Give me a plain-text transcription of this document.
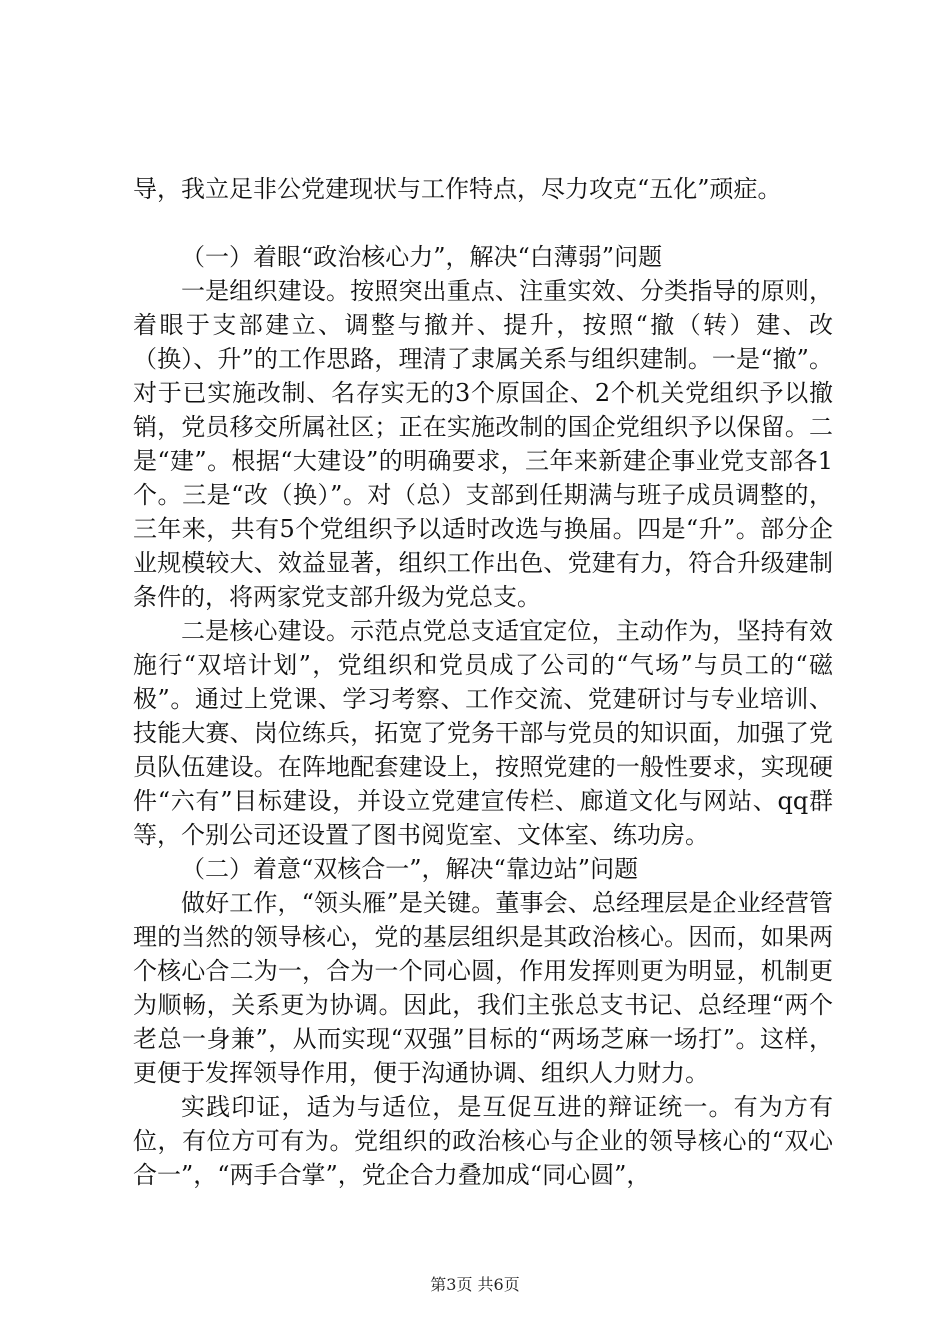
导，我立足非公党建现状与工作特点，尽力攻克“五化”顽症。

（一）着眼“政治核心力”，解决“白薄弱”问题

一是组织建设。按照突出重点、注重实效、分类指导的原则，着眼于支部建立、调整与撤并、提升，按照“撤（转）建、改（换）、升”的工作思路，理清了隶属关系与组织建制。一是“撤”。对于已实施改制、名存实无的3个原国企、2个机关党组织予以撤销，党员移交所属社区；正在实施改制的国企党组织予以保留。二是“建”。根据“大建设”的明确要求，三年来新建企事业党支部各1个。三是“改（换）”。对（总）支部到任期满与班子成员调整的，三年来，共有5个党组织予以适时改选与换届。四是“升”。部分企业规模较大、效益显著，组织工作出色、党建有力，符合升级建制条件的，将两家党支部升级为党总支。

二是核心建设。示范点党总支适宜定位，主动作为，坚持有效施行“双培计划”，党组织和党员成了公司的“气场”与员工的“磁极”。通过上党课、学习考察、工作交流、党建研讨与专业培训、技能大赛、岗位练兵，拓宽了党务干部与党员的知识面，加强了党员队伍建设。在阵地配套建设上，按照党建的一般性要求，实现硬件“六有”目标建设，并设立党建宣传栏、廊道文化与网站、qq群等，个别公司还设置了图书阅览室、文体室、练功房。

（二）着意“双核合一”，解决“靠边站”问题

做好工作，“领头雁”是关键。董事会、总经理层是企业经营管理的当然的领导核心，党的基层组织是其政治核心。因而，如果两个核心合二为一，合为一个同心圆，作用发挥则更为明显，机制更为顺畅，关系更为协调。因此，我们主张总支书记、总经理“两个老总一身兼”，从而实现“双强”目标的“两场芝麻一场打”。这样，更便于发挥领导作用，便于沟通协调、组织人力财力。

实践印证，适为与适位，是互促互进的辩证统一。有为方有位，有位方可有为。党组织的政治核心与企业的领导核心的“双心合一”，“两手合掌”，党企合力叠加成“同心圆”，

第3页 共6页
